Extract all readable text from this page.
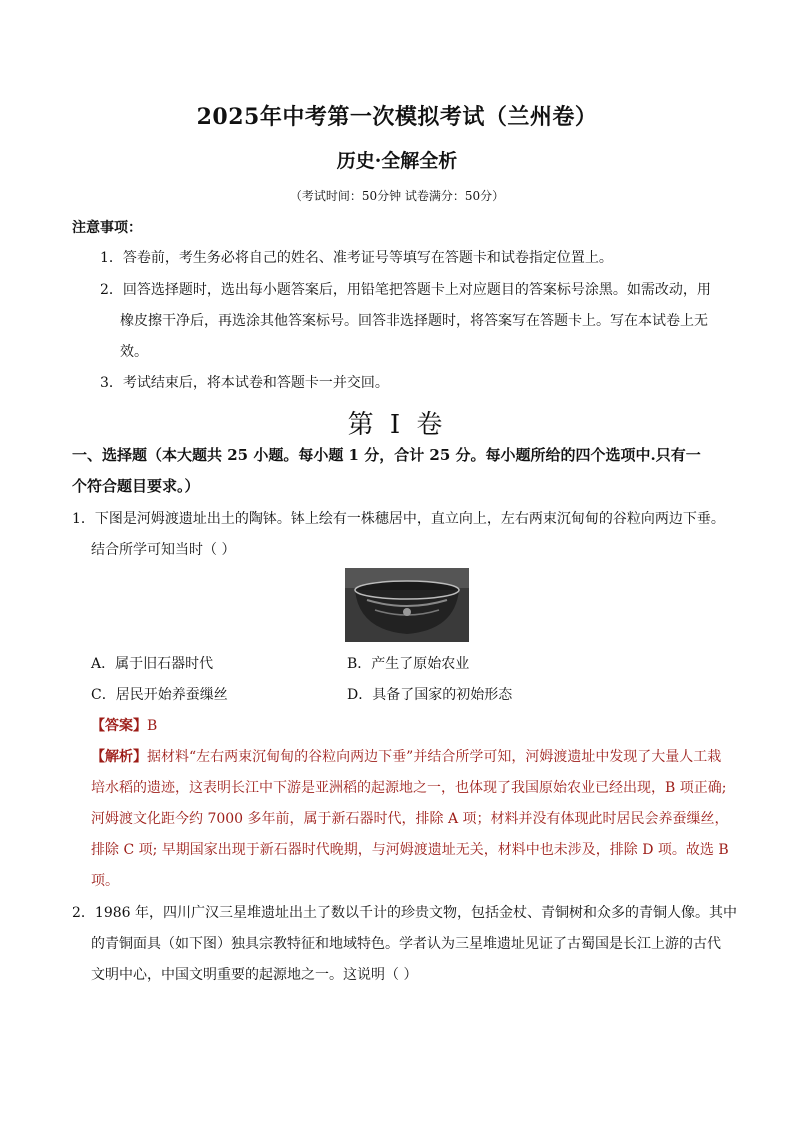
2025年中考第一次模拟考试（兰州卷）
历史·全解全析
（考试时间：50分钟 试卷满分：50分）
注意事项：
1．答卷前，考生务必将自己的姓名、准考证号等填写在答题卡和试卷指定位置上。
2．回答选择题时，选出每小题答案后，用铅笔把答题卡上对应题目的答案标号涂黑。如需改动，用
橡皮擦干净后，再选涂其他答案标号。回答非选择题时，将答案写在答题卡上。写在本试卷上无
效。
3．考试结束后，将本试卷和答题卡一并交回。
第 I 卷
一、选择题（本大题共 25 小题。每小题 1 分，合计 25 分。每小题所给的四个选项中.只有一
个符合题目要求。）
1．下图是河姆渡遗址出土的陶钵。钵上绘有一株穗居中，直立向上，左右两束沉甸甸的谷粒向两边下垂。
结合所学可知当时（ ）
A．属于旧石器时代	B．产生了原始农业
C．居民开始养蚕缫丝	D．具备了国家的初始形态
【答案】B
【解析】据材料“左右两束沉甸甸的谷粒向两边下垂”并结合所学可知，河姆渡遗址中发现了大量人工栽
培水稻的遗迹，这表明长江中下游是亚洲稻的起源地之一，也体现了我国原始农业已经出现，B 项正确;
河姆渡文化距今约 7000 多年前，属于新石器时代，排除 A 项；材料并没有体现此时居民会养蚕缫丝，
排除 C 项; 早期国家出现于新石器时代晚期，与河姆渡遗址无关，材料中也未涉及，排除 D 项。故选 B
项。
2．1986 年，四川广汉三星堆遗址出土了数以千计的珍贵文物，包括金杖、青铜树和众多的青铜人像。其中
的青铜面具（如下图）独具宗教特征和地域特色。学者认为三星堆遗址见证了古蜀国是长江上游的古代
文明中心，中国文明重要的起源地之一。这说明（ ）
